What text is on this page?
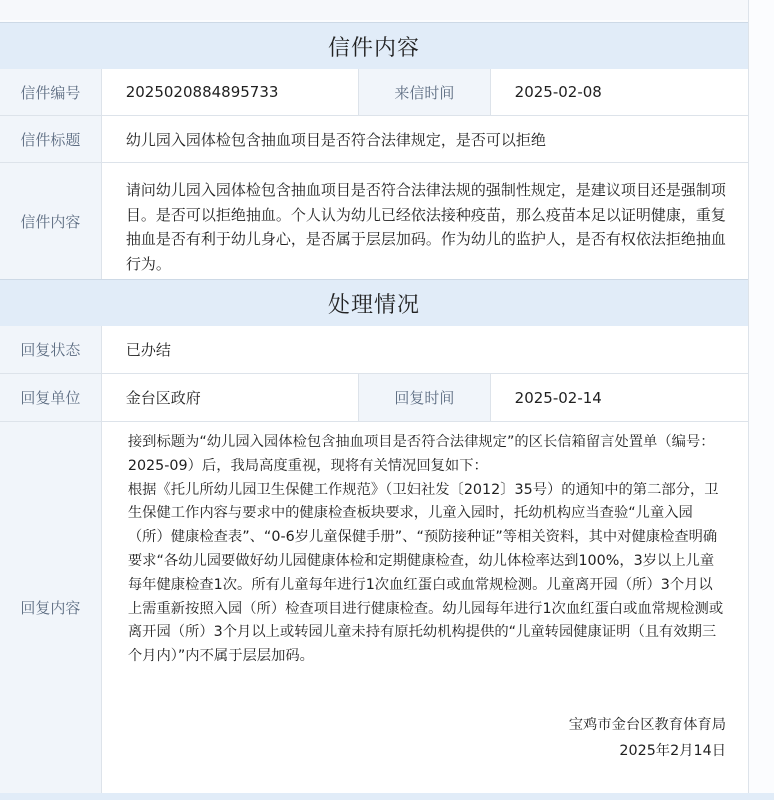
信件内容
信件编号	2025020884895733	来信时间	2025-02-08
信件标题	幼儿园入园体检包含抽血项目是否符合法律规定，是否可以拒绝
信件内容
请问幼儿园入园体检包含抽血项目是否符合法律法规的强制性规定，是建议项目还是强制项目。是否可以拒绝抽血。个人认为幼儿已经依法接种疫苗，那么疫苗本足以证明健康，重复抽血是否有利于幼儿身心，是否属于层层加码。作为幼儿的监护人，是否有权依法拒绝抽血行为。
处理情况
回复状态	已办结
回复单位	金台区政府	回复时间	2025-02-14
回复内容
接到标题为“幼儿园入园体检包含抽血项目是否符合法律规定”的区长信箱留言处置单（编号：2025-09）后，我局高度重视，现将有关情况回复如下：
根据《托儿所幼儿园卫生保健工作规范》（卫妇社发〔2012〕35号）的通知中的第二部分，卫生保健工作内容与要求中的健康检查板块要求，儿童入园时，托幼机构应当查验“儿童入园（所）健康检查表”、“0-6岁儿童保健手册”、“预防接种证”等相关资料，其中对健康检查明确要求“各幼儿园要做好幼儿园健康体检和定期健康检查，幼儿体检率达到100%，3岁以上儿童每年健康检查1次。所有儿童每年进行1次血红蛋白或血常规检测。儿童离开园（所）3个月以上需重新按照入园（所）检查项目进行健康检查。幼儿园每年进行1次血红蛋白或血常规检测或离开园（所）3个月以上或转园儿童未持有原托幼机构提供的“儿童转园健康证明（且有效期三个月内）”内不属于层层加码。
宝鸡市金台区教育体育局
2025年2月14日
